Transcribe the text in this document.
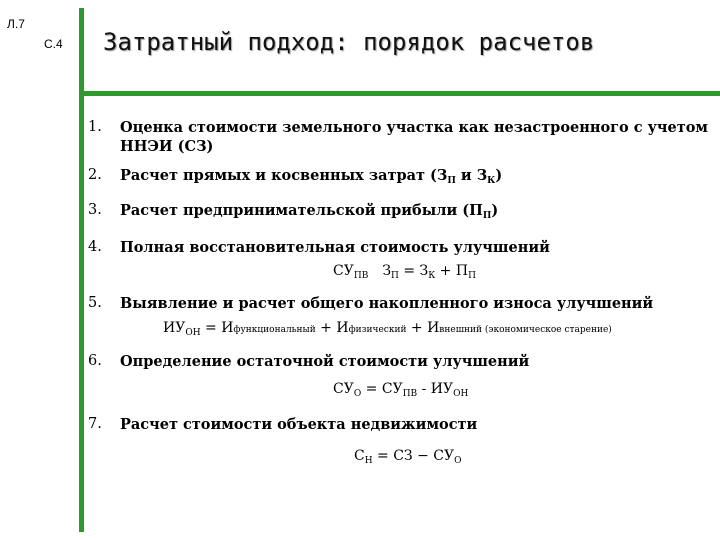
Л.7
С.4 Затратный подход: порядок расчетов
1. Оценка стоимости земельного участка как незастроенного с учетом ННЭИ (СЗ)
2. Расчет прямых и косвенных затрат ($З_П$ и $З_К$)
3. Расчет предпринимательской прибыли $(П_П)$
4. Полная восстановительная стоимость улучшений
$СУ_{ПВ}$ $З_П = З_К + П_П$
5. Выявление и расчет общего накопленного износа улучшений
$ИУ_{ОН}$ = Ифункциональный + Ифизический + Ивнешний (экономическое старение)
6. Определение остаточной стоимости улучшений
$СУ_О = СУ_{ПВ} - ИУ_{ОН}$
7. Расчет стоимости объекта недвижимости
$С_Н$ = СЗ − $СУ_О$
